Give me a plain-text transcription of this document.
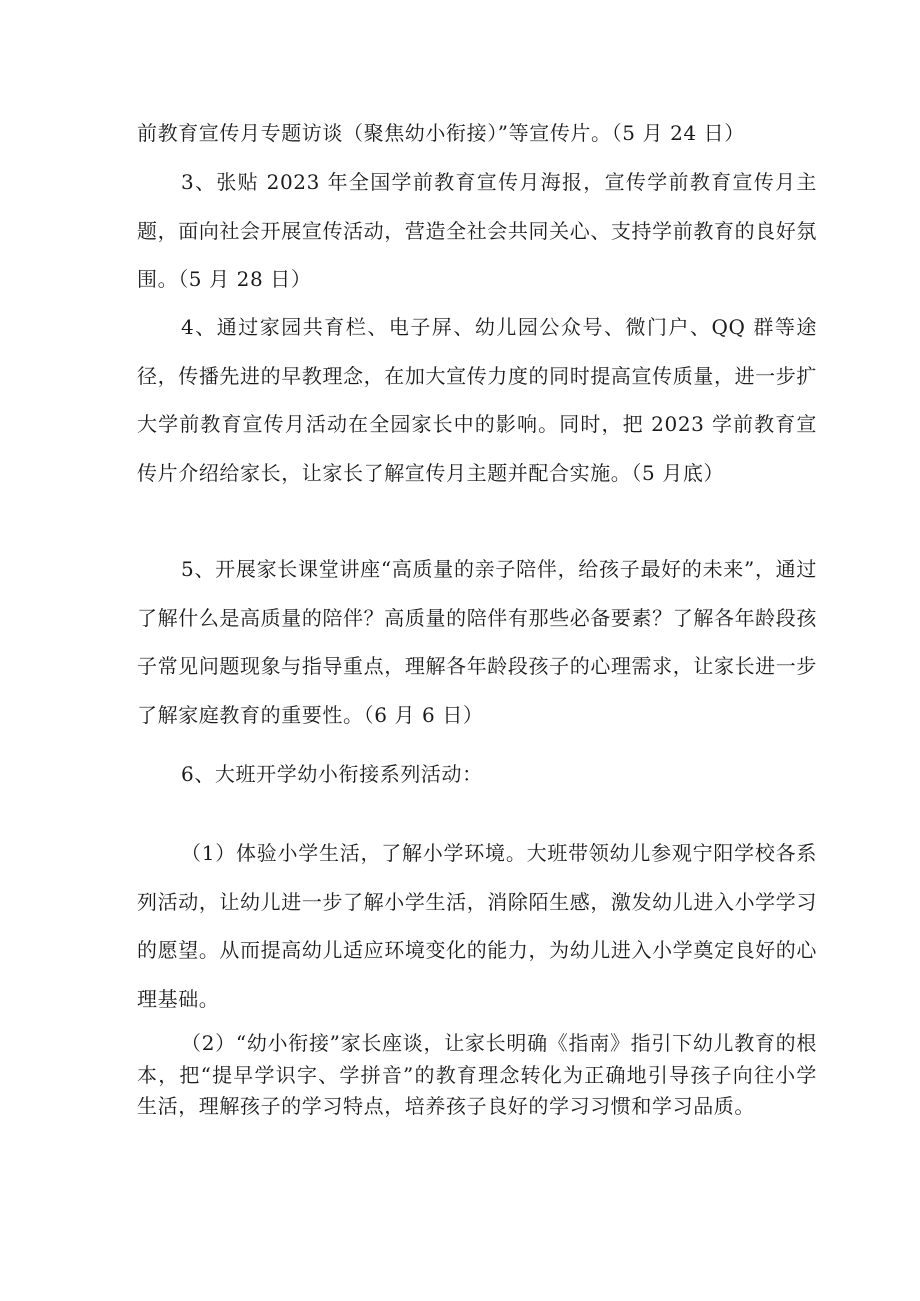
前教育宣传月专题访谈（聚焦幼小衔接）”等宣传片。（5 月 24 日）

3、张贴 2023 年全国学前教育宣传月海报，宣传学前教育宣传月主题，面向社会开展宣传活动，营造全社会共同关心、支持学前教育的良好氛围。（5 月 28 日）

4、通过家园共育栏、电子屏、幼儿园公众号、微门户、QQ 群等途径，传播先进的早教理念，在加大宣传力度的同时提高宣传质量，进一步扩大学前教育宣传月活动在全园家长中的影响。同时，把 2023 学前教育宣传片介绍给家长，让家长了解宣传月主题并配合实施。（5 月底）

5、开展家长课堂讲座“高质量的亲子陪伴，给孩子最好的未来”，通过了解什么是高质量的陪伴？高质量的陪伴有那些必备要素？了解各年龄段孩子常见问题现象与指导重点，理解各年龄段孩子的心理需求，让家长进一步了解家庭教育的重要性。（6 月 6 日）

6、大班开学幼小衔接系列活动：

（1）体验小学生活，了解小学环境。大班带领幼儿参观宁阳学校各系列活动，让幼儿进一步了解小学生活，消除陌生感，激发幼儿进入小学学习的愿望。从而提高幼儿适应环境变化的能力，为幼儿进入小学奠定良好的心理基础。

（2）“幼小衔接”家长座谈，让家长明确《指南》指引下幼儿教育的根本，把“提早学识字、学拼音”的教育理念转化为正确地引导孩子向往小学生活，理解孩子的学习特点，培养孩子良好的学习习惯和学习品质。
